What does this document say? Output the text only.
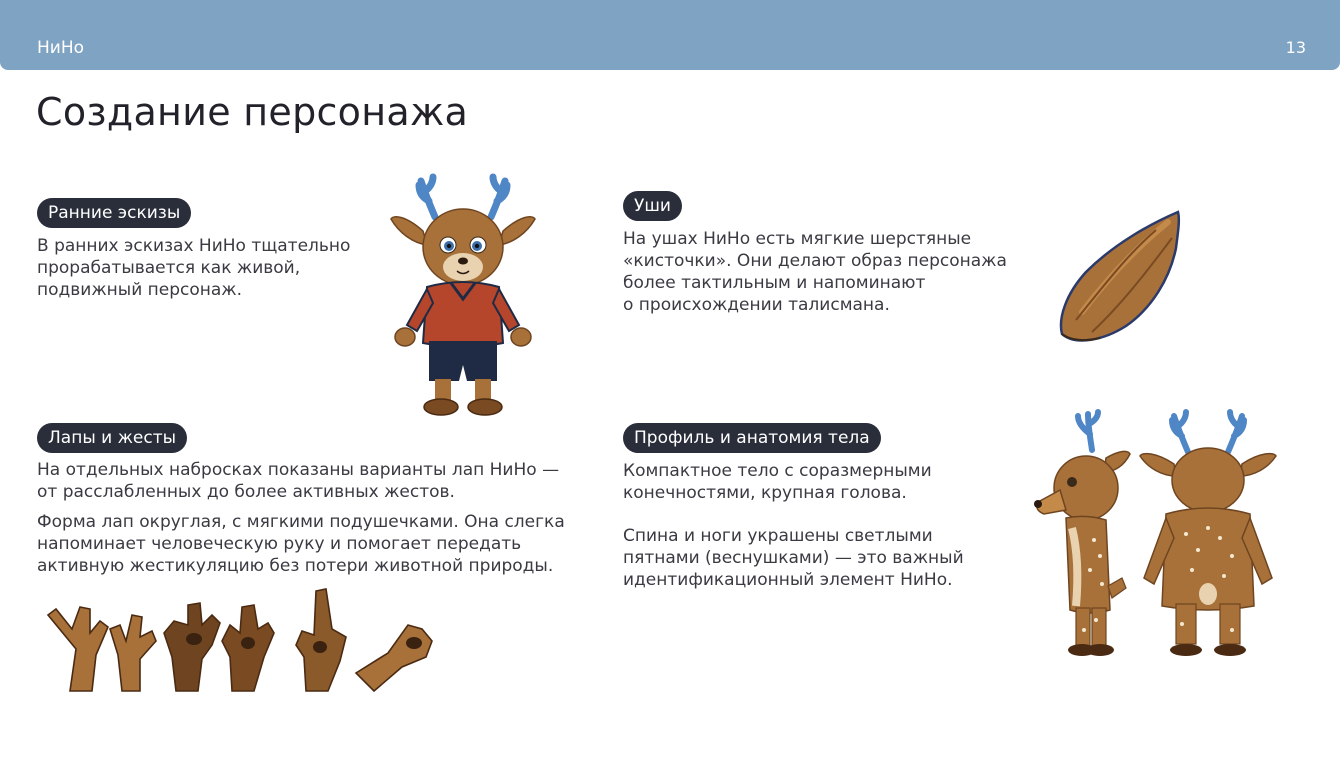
НиНо	13
Создание персонажа
Ранние эскизы

В ранних эскизах НиНо тщательно
прорабатывается как живой,
подвижный персонаж.

Уши

На ушах НиНо есть мягкие шерстяные
«кисточки». Они делают образ персонажа
более тактильным и напоминают
о происхождении талисмана.

Лапы и жесты

На отдельных набросках показаны варианты лап НиНо —
от расслабленных до более активных жестов.

Форма лап округлая, с мягкими подушечками. Она слегка
напоминает человеческую руку и помогает передать
активную жестикуляцию без потери животной природы.

Профиль и анатомия тела

Компактное тело с соразмерными
конечностями, крупная голова.

Спина и ноги украшены светлыми
пятнами (веснушками) — это важный
идентификационный элемент НиНо.
